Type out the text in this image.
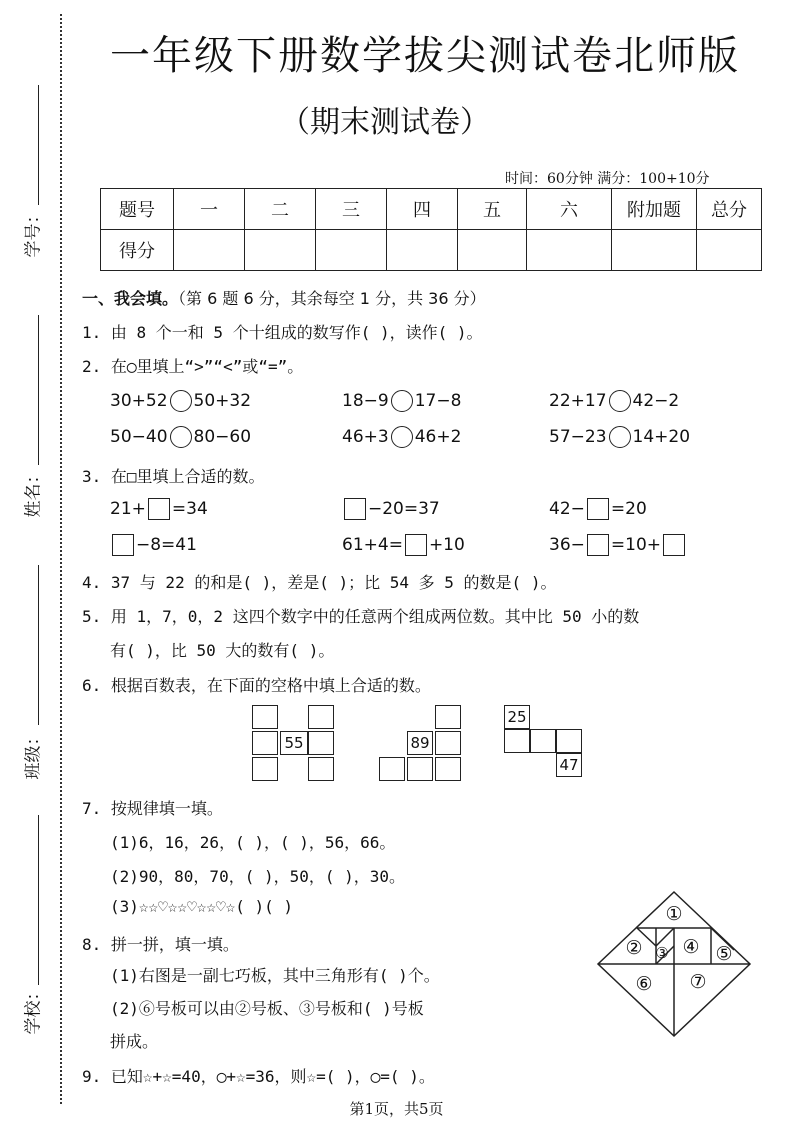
学号：
姓名：
班级：
学校：
一年级下册数学拔尖测试卷北师版
（期末测试卷）
时间：60分钟 满分：100+10分
题号	一	二	三	四	五	六	附加题	总分
得分								
一、我会填。（第 6 题 6 分，其余每空 1 分，共 36 分）
1. 由 8 个一和 5 个十组成的数写作( )，读作( )。
2. 在◯里填上“>”“<”或“=”。
30+52 50+32	18−9 17−8	22+17 42−2
50−40 80−60	46+3 46+2	57−23 14+20
3. 在□里填上合适的数。
21+ =34	−20=37	42− =20
−8=41	61+4= +10	36− =10+
4. 37 与 22 的和是( )，差是( )；比 54 多 5 的数是( )。
5. 用 1，7，0，2 这四个数字中的任意两个组成两位数。其中比 50 小的数
有( )，比 50 大的数有( )。
6. 根据百数表，在下面的空格中填上合适的数。
55	89
25
47
7. 按规律填一填。
(1)6，16，26，( )，( )，56，66。
(2)90，80，70，( )，50，( )，30。
(3)☆☆♡☆☆♡☆☆♡☆( )( )
8. 拼一拼，填一填。
(1)右图是一副七巧板，其中三角形有( )个。
(2)⑥号板可以由②号板、③号板和( )号板
拼成。
①
② ③ ④ ⑤
⑥ ⑦
9. 已知☆+☆=40，◯+☆=36，则☆=( )，◯=( )。
第1页，共5页
